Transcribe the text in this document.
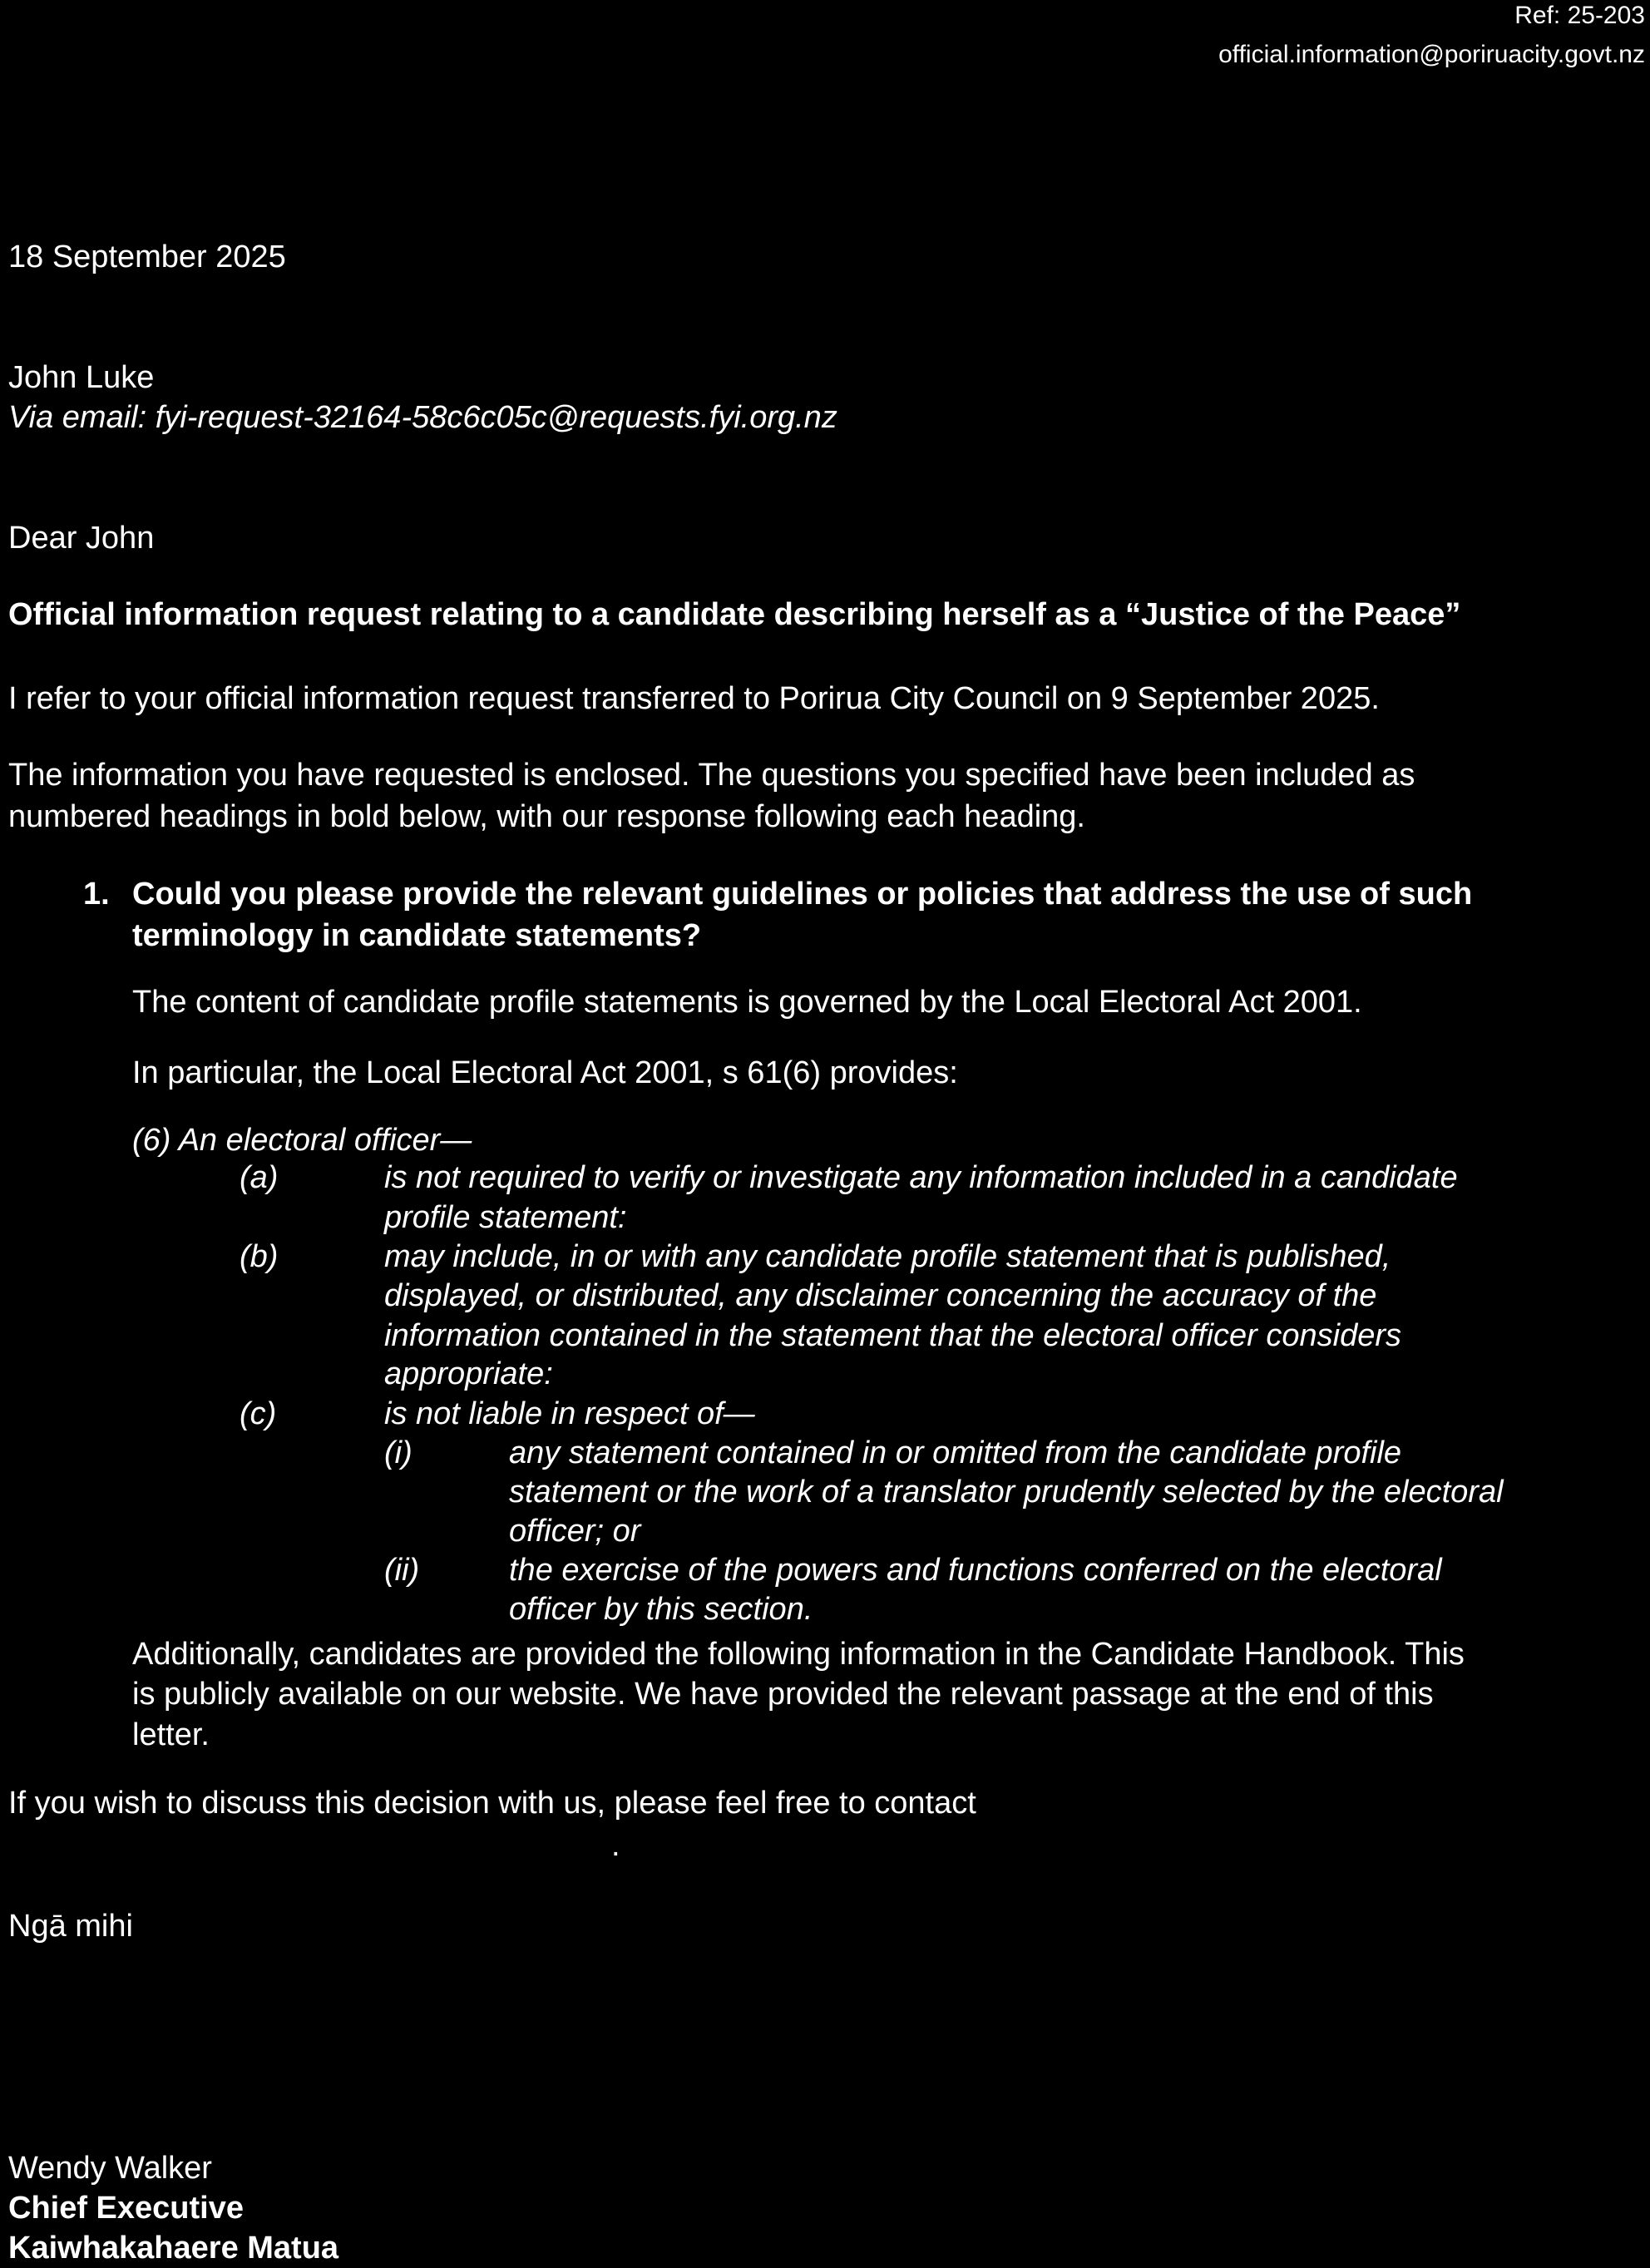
Ref: 25-203
official.information@poriruacity.govt.nz
18 September 2025
John Luke
Via email: fyi-request-32164-58c6c05c@requests.fyi.org.nz
Dear John
Official information request relating to a candidate describing herself as a “Justice of the Peace”
I refer to your official information request transferred to Porirua City Council on 9 September 2025.
The information you have requested is enclosed. The questions you specified have been included as
numbered headings in bold below, with our response following each heading.
1. Could you please provide the relevant guidelines or policies that address the use of such
terminology in candidate statements?
The content of candidate profile statements is governed by the Local Electoral Act 2001.
In particular, the Local Electoral Act 2001, s 61(6) provides:
(6) An electoral officer—
(a)	is not required to verify or investigate any information included in a candidate
profile statement:
(b)	may include, in or with any candidate profile statement that is published,
displayed, or distributed, any disclaimer concerning the accuracy of the
information contained in the statement that the electoral officer considers
appropriate:
(c)	is not liable in respect of—
(i)	any statement contained in or omitted from the candidate profile
statement or the work of a translator prudently selected by the electoral
officer; or
(ii)	the exercise of the powers and functions conferred on the electoral
officer by this section.
Additionally, candidates are provided the following information in the Candidate Handbook. This
is publicly available on our website. We have provided the relevant passage at the end of this
letter.
If you wish to discuss this decision with us, please feel free to contact
.
Ngā mihi
Wendy Walker
Chief Executive
Kaiwhakahaere Matua
